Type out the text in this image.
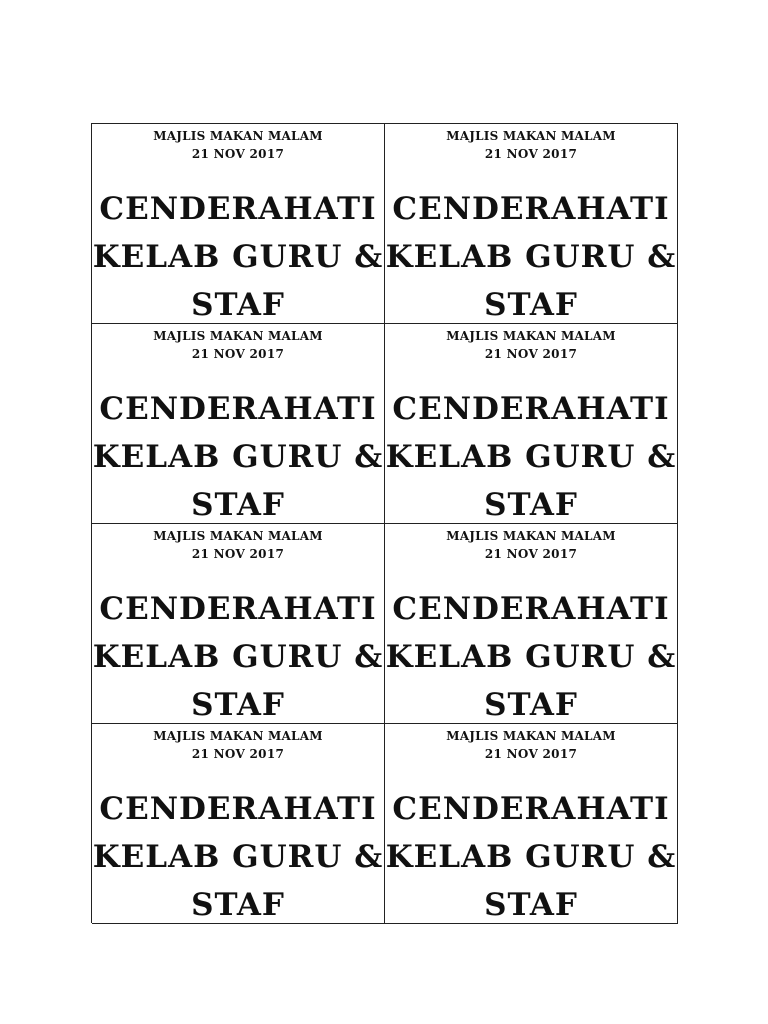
MAJLIS MAKAN MALAM
21 NOV 2017
CENDERAHATI
KELAB GURU &
STAF
MAJLIS MAKAN MALAM
21 NOV 2017
CENDERAHATI
KELAB GURU &
STAF
MAJLIS MAKAN MALAM
21 NOV 2017
CENDERAHATI
KELAB GURU &
STAF
MAJLIS MAKAN MALAM
21 NOV 2017
CENDERAHATI
KELAB GURU &
STAF
MAJLIS MAKAN MALAM
21 NOV 2017
CENDERAHATI
KELAB GURU &
STAF
MAJLIS MAKAN MALAM
21 NOV 2017
CENDERAHATI
KELAB GURU &
STAF
MAJLIS MAKAN MALAM
21 NOV 2017
CENDERAHATI
KELAB GURU &
STAF
MAJLIS MAKAN MALAM
21 NOV 2017
CENDERAHATI
KELAB GURU &
STAF
